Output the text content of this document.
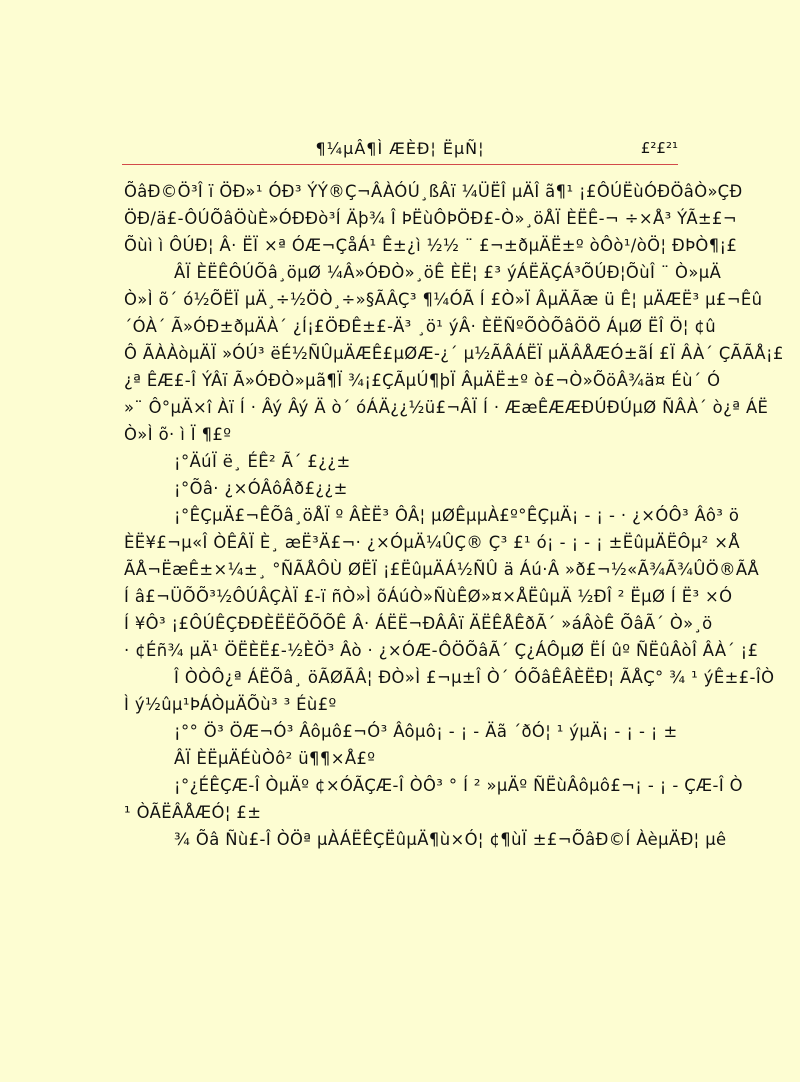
¶¼µÂ¶Ì ÆÈÐ¦ ËµÑ¦	£²£²¹
ÕâÐ©Ö³Î ï ÖÐ»¹ ÓÐ³ ÝÝ®Ç¬ÂÀÓÚ¸ßÂï ¼ÜËÎ µÄÎ ã¶¹ ¡£ÔÚËùÓÐÖâÒ»ÇÐ
ÖÐ/ä£-ÔÚÕâÖùÈ»ÓÐÐò³Í Äþ¾ Î ÞËùÔÞÖÐ£-Ò»¸öÅÏ ÈËÊ-¬ ÷×Å³ ÝÃ±£¬
Õùì ì ÔÚÐ¦ Â· ËÏ ×ª ÓÆ¬ÇåÁ¹ Ê±¿ì ½½ ¨ £¬±ðµÄË±º òÔò¹/òÖ¦ ÐÞÒ¶¡£
ÂÏ ÈËÊÔÚÕâ¸öµØ ¼Â»ÓÐÒ»¸öÊ ÈË¦ £³ ýÁËÄÇÁ³ÕÚÐ¦ÕùÎ ¨ Ò»µÄ
Ò»Ì õ´ ó½ÕËÏ µÄ¸÷½ÖÒ¸÷»§ÃÂÇ³ ¶¼ÓÃ Í £Ò»Ï ÂµÄÃæ ü Ê¦ µÄÆË³ µ£¬Êû
´ÓÀ´ Ã»ÓÐ±ðµÄÀ´ ¿Í¡£ÖÐÊ±£-Ä³ ¸ö¹ ýÂ· ÈËÑºÕÒÕâÖÖ ÁµØ ËÎ Ö¦ ¢û
Ô ÃÀÀòµÄÏ »ÓÚ³ ëÉ½ÑÛµÄÆÊ£µØÆ-¿´ µ½ÃÂÁËÏ µÄÂÅÆÓ±ãÍ £Ï ÂÀ´ ÇÃÃÅ¡£
¿ª ÊÆ£-Î ÝÂï Ã»ÓÐÒ»µã¶Ï ¾¡£ÇÃµÚ¶þÏ ÂµÄË±º ò£¬Ò»ÕöÂ¾ä¤ Éù´ Ó
»¨ Ô°µÄ×î Àï Í · Âý Âý Ä ò´ óÁÄ¿¿½ü£¬ÂÏ Í · ÆæÊÆÆÐÚÐÚµØ ÑÂÀ´ ò¿ª ÁË
Ò»Ì õ· ì Ï ¶£º
¡°ÄúÏ ë¸ ÉÊ² Ã´ £¿¿±
¡°Õâ· ¿×ÓÂôÂð£¿¿±
¡°ÊÇµÄ£¬ÊÕâ¸öÅÏ º ÂÈË³ ÔÂ¦ µØÊµµÀ£º°ÊÇµÄ¡ - ¡ - · ¿×ÓÔ³ Âô³ ö
ÈË¥£¬µ«Î ÒÊÂÏ È¸ æË³Ä£¬· ¿×ÓµÄ¼ÛÇ® Ç³ £¹ ó¡ - ¡ - ¡ ±ËûµÄËÔµ² ×Å
ÃÅ¬ËæÊ±×¼±¸ °ÑÃÅÔÙ ØËÏ ¡£ËûµÄÁ½ÑÛ ä Áú·Â »ð£¬½«Ã¾Ã¾ÛÖ®ÃÅ
Í â£¬ÜÕÕ³½ÔÚÂÇÀÏ £-ï ñÒ»Ì õÁúÒ»ÑùÊØ»¤×ÅËûµÄ ½ÐÎ ² ËµØ Í Ë³ ×Ó
Í ¥Ô³ ¡£ÔÚÊÇÐÐÈËËÕÕÕÊ Â· ÁËË¬ÐÂÂï ÄËÊÅÊðÃ´ »áÂòÊ ÕâÃ´ Ò»¸ö
· ¢Éñ¾ µÄ¹ ÖËÈË£-½ÈÖ³ Âò · ¿×ÓÆ-ÔÖÕâÃ´ Ç¿ÁÔµØ ËÍ ûº ÑËûÂòÎ ÂÀ´ ¡£
Î ÒÒÔ¿ª ÁËÕâ¸ öÃØÃÂ¦ ÐÒ»Ì £¬µ±Î Ò´ ÓÕâÊÂÈËÐ¦ ÃÅÇ° ¾ ¹ ýÊ±£-ÎÒ
Ì ý½ûµ¹ÞÁÒµÄÕù³ ³ Éù£º
¡°° Ö³ ÖÆ¬Ó³ Âôµô£¬Ó³ Âôµô¡ - ¡ - Äã ´ðÓ¦ ¹ ýµÄ¡ - ¡ - ¡ ±
ÂÏ ÈËµÄÉùÒô² ü¶¶×Å£º
¡°¿ÉÊÇÆ-Î ÒµÄº ¢×ÓÃÇÆ-Î ÒÔ³ ° Í ² »µÄº ÑËùÂôµô£¬¡ - ¡ - ÇÆ-Î Ò
¹ ÒÃËÂÅÆÓ¦ £±
¾ Õâ Ñù£-Î ÒÖª µÀÁËÊÇËûµÄ¶ù×Ó¦ ¢¶ùÏ ±£¬ÕâÐ©Í ÀèµÄÐ¦ µê
